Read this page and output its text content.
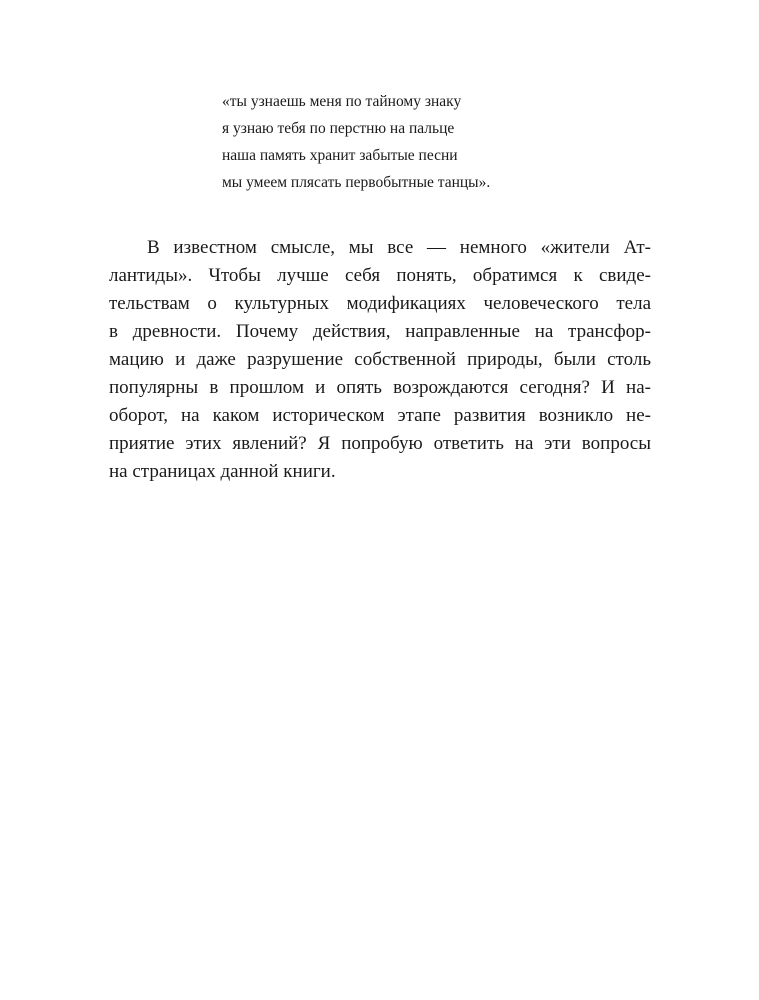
«ты узнаешь меня по тайному знаку
я узнаю тебя по перстню на пальце
наша память хранит забытые песни
мы умеем плясать первобытные танцы».
В известном смысле, мы все — немного «жители Ат-
лантиды». Чтобы лучше себя понять, обратимся к свиде-
тельствам о культурных модификациях человеческого тела
в древности. Почему действия, направленные на трансфор-
мацию и даже разрушение собственной природы, были столь
популярны в прошлом и опять возрождаются сегодня? И на-
оборот, на каком историческом этапе развития возникло не-
приятие этих явлений? Я попробую ответить на эти вопросы
на страницах данной книги.
